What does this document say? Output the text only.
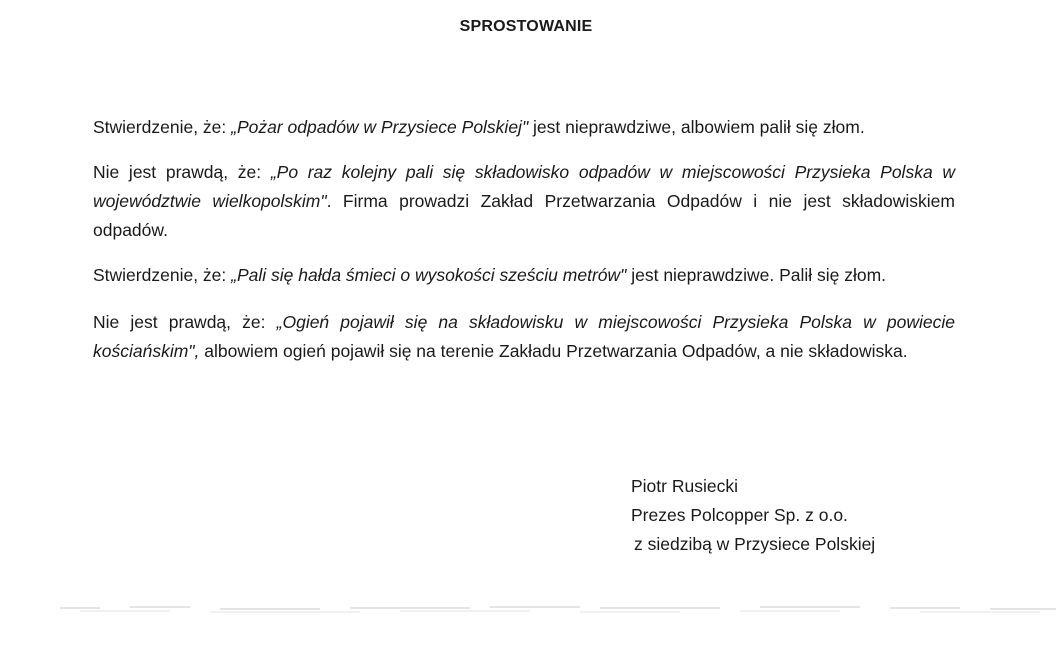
SPROSTOWANIE

Stwierdzenie, że: „Pożar odpadów w Przysiece Polskiej" jest nieprawdziwe, albowiem palił się złom.

Nie jest prawdą, że: „Po raz kolejny pali się składowisko odpadów w miejscowości Przysieka Polska w województwie wielkopolskim". Firma prowadzi Zakład Przetwarzania Odpadów i nie jest składowiskiem odpadów.

Stwierdzenie, że: „Pali się hałda śmieci o wysokości sześciu metrów" jest nieprawdziwe. Palił się złom.

Nie jest prawdą, że: „Ogień pojawił się na składowisku w miejscowości Przysieka Polska w powiecie kościańskim", albowiem ogień pojawił się na terenie Zakładu Przetwarzania Odpadów, a nie składowiska.

Piotr Rusiecki
Prezes Polcopper Sp. z o.o.
z siedzibą w Przysiece Polskiej
